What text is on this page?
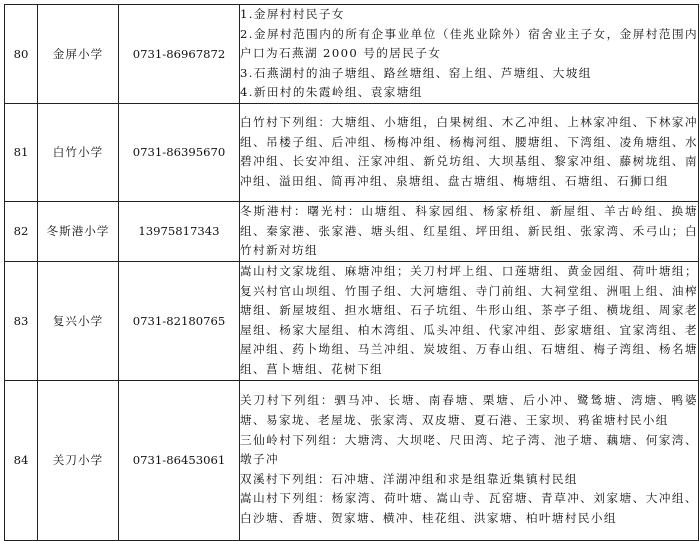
80	金屏小学	0731-86967872	1.金屏村村民子女

2.金屏村范围内的所有企事业单位（佳兆业除外）宿舍业主子女，金屏村范围内户口为石燕湖 2000 号的居民子女

3.石燕湖村的油子塘组、路丝塘组、窑上组、芦塘组、大坡组

4.新田村的朱霞岭组、袁家塘组

81	白竹小学	0731-86395670	白竹村下列组：大塘组、小塘组，白果树组、木乙冲组、上林家冲组、下林家冲组、吊楼子组、后冲组、杨梅冲组、杨梅河组、腰塘组、下湾组、凌角塘组、水碧冲组、长安冲组、汪家冲组、新兑坊组、大坝基组、黎家冲组、藤树垅组、南冲组、溢田组、简再冲组、泉塘组、盘古塘组、梅塘组、石塘组、石狮口组

82	冬斯港小学	13975817343	冬斯港村：曙光村：山塘组、科家园组、杨家桥组、新屋组、羊古岭组、换塘组、秦家港、张家港、塘头组、红星组、坪田组、新民组、张家湾、禾弓山；白竹村新对坊组

83	复兴小学	0731-82180765	嵩山村文家垅组、麻塘冲组；关刀村坪上组、口莲塘组、黄金园组、荷叶塘组；复兴村官山坝组、竹围子组、大河塘组、寺门前组、大祠堂组、洲咀上组、油榨塘组、新屋坡组、担水塘组、石子坑组、牛形山组、茶亭子组、横垅组、周家老屋组、杨家大屋组、柏木湾组、瓜头冲组、代家冲组、彭家塘组、宜家湾组、老屋冲组、药卜坳组、马兰冲组、炭坡组、万春山组、石塘组、梅子湾组、杨名塘组、菖卜塘组、花树下组

84	关刀小学	0731-86453061	关刀村下列组：驷马冲、长塘、南春塘、栗塘、后小冲、鹭鸶塘、湾塘、鸭婆塘、易家垅、老屋垅、张家湾、双皮塘、夏石港、王家坝、鸦雀塘村民小组

三仙岭村下列组：大塘湾、大坝咾、尺田湾、坨子湾、池子塘、藕塘、何家湾、墩子冲

双溪村下列组：石冲塘、洋湖冲组和求是组靠近集镇村民组

嵩山村下列组：杨家湾、荷叶塘、嵩山寺、瓦窑塘、青草冲、刘家塘、大冲组、白沙塘、香塘、贺家塘、横冲、桂花组、洪家塘、柏叶塘村民小组
